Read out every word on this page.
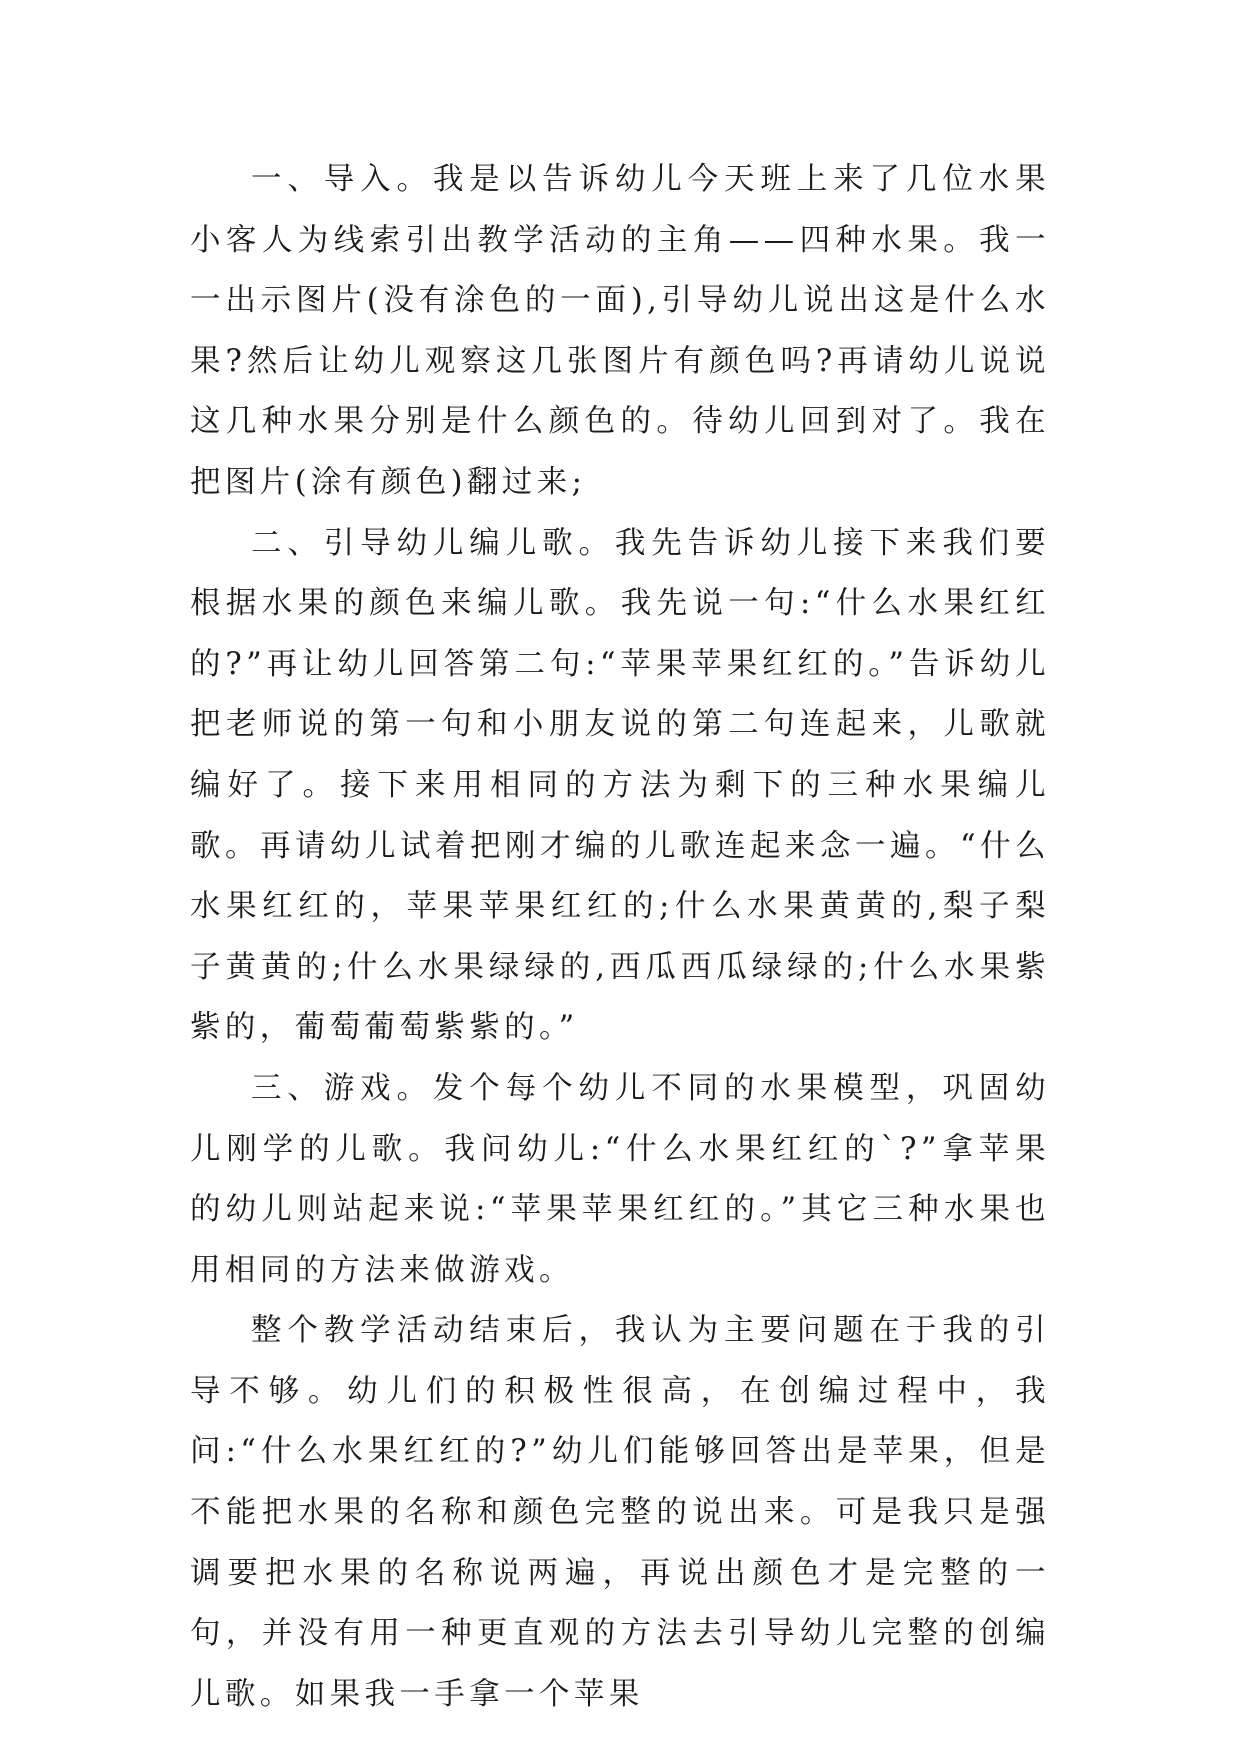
一、导入。我是以告诉幼儿今天班上来了几位水果小客人为线索引出教学活动的主角——四种水果。我一一出示图片(没有涂色的一面),引导幼儿说出这是什么水果?然后让幼儿观察这几张图片有颜色吗?再请幼儿说说这几种水果分别是什么颜色的。待幼儿回到对了。我在把图片(涂有颜色)翻过来;

二、引导幼儿编儿歌。我先告诉幼儿接下来我们要根据水果的颜色来编儿歌。我先说一句:“什么水果红红的?”再让幼儿回答第二句:“苹果苹果红红的。”告诉幼儿把老师说的第一句和小朋友说的第二句连起来，儿歌就编好了。接下来用相同的方法为剩下的三种水果编儿歌。再请幼儿试着把刚才编的儿歌连起来念一遍。“什么水果红红的，苹果苹果红红的;什么水果黄黄的,梨子梨子黄黄的;什么水果绿绿的,西瓜西瓜绿绿的;什么水果紫紫的，葡萄葡萄紫紫的。”

三、游戏。发个每个幼儿不同的水果模型，巩固幼儿刚学的儿歌。我问幼儿:“什么水果红红的`?”拿苹果的幼儿则站起来说:“苹果苹果红红的。”其它三种水果也用相同的方法来做游戏。

整个教学活动结束后，我认为主要问题在于我的引导不够。幼儿们的积极性很高，在创编过程中，我问:“什么水果红红的?”幼儿们能够回答出是苹果，但是不能把水果的名称和颜色完整的说出来。可是我只是强调要把水果的名称说两遍，再说出颜色才是完整的一句，并没有用一种更直观的方法去引导幼儿完整的创编儿歌。如果我一手拿一个苹果
